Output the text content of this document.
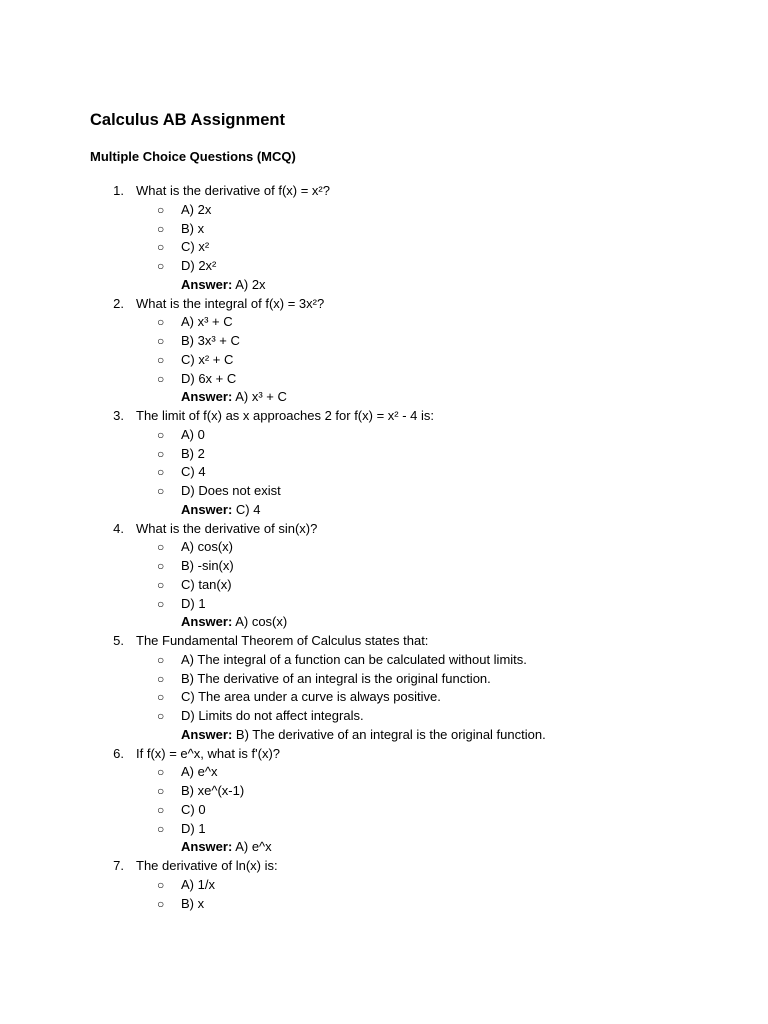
Calculus AB Assignment
Multiple Choice Questions (MCQ)
1. What is the derivative of f(x) = x²?
○ A) 2x
○ B) x
○ C) x²
○ D) 2x²
Answer: A) 2x
2. What is the integral of f(x) = 3x²?
○ A) x³ + C
○ B) 3x³ + C
○ C) x² + C
○ D) 6x + C
Answer: A) x³ + C
3. The limit of f(x) as x approaches 2 for f(x) = x² - 4 is:
○ A) 0
○ B) 2
○ C) 4
○ D) Does not exist
Answer: C) 4
4. What is the derivative of sin(x)?
○ A) cos(x)
○ B) -sin(x)
○ C) tan(x)
○ D) 1
Answer: A) cos(x)
5. The Fundamental Theorem of Calculus states that:
○ A) The integral of a function can be calculated without limits.
○ B) The derivative of an integral is the original function.
○ C) The area under a curve is always positive.
○ D) Limits do not affect integrals.
Answer: B) The derivative of an integral is the original function.
6. If f(x) = e^x, what is f'(x)?
○ A) e^x
○ B) xe^(x-1)
○ C) 0
○ D) 1
Answer: A) e^x
7. The derivative of ln(x) is:
○ A) 1/x
○ B) x
